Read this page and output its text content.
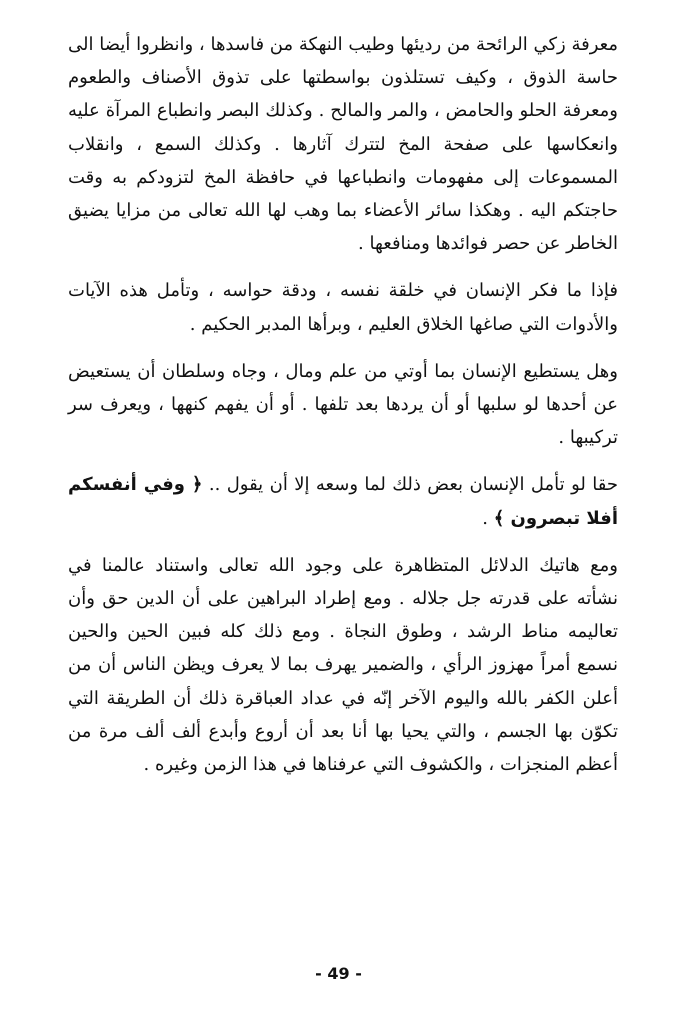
معرفة زكي الرائحة من رديئها وطيب النهكة من فاسدها ، وانظروا أيضا الى حاسة الذوق ، وكيف تستلذون بواسطتها على تذوق الأصناف والطعوم ومعرفة الحلو والحامض ، والمر والمالح . وكذلك البصر وانطباع المرآة عليه وانعكاسها على صفحة المخ لتترك آثارها . وكذلك السمع ، وانقلاب المسموعات إلى مفهومات وانطباعها في حافظة المخ لتزودكم به وقت حاجتكم اليه . وهكذا سائر الأعضاء بما وهب لها الله تعالى من مزايا يضيق الخاطر عن حصر فوائدها ومنافعها .

فإذا ما فكر الإنسان في خلقة نفسه ، ودقة حواسه ، وتأمل هذه الآيات والأدوات التي صاغها الخلاق العليم ، وبرأها المدبر الحكيم .

وهل يستطيع الإنسان بما أوتي من علم ومال ، وجاه وسلطان أن يستعيض عن أحدها لو سلبها أو أن يردها بعد تلفها . أو أن يفهم كنهها ، ويعرف سر تركيبها .

حقا لو تأمل الإنسان بعض ذلك لما وسعه إلا أن يقول .. ﴿ وفي أنفسكم أفلا تبصرون ﴾ .

ومع هاتيك الدلائل المتظاهرة على وجود الله تعالى واستناد عالمنا في نشأته على قدرته جل جلاله . ومع إطراد البراهين على أن الدين حق وأن تعاليمه مناط الرشد ، وطوق النجاة . ومع ذلك كله فبين الحين والحين نسمع أمراً مهزوز الرأي ، والضمير يهرف بما لا يعرف ويظن الناس أن من أعلن الكفر بالله واليوم الآخر إنّه في عداد العباقرة ذلك أن الطريقة التي تكوّن بها الجسم ، والتي يحيا بها أنا بعد أن أروع وأبدع ألف ألف مرة من أعظم المنجزات ، والكشوف التي عرفناها في هذا الزمن وغيره .

- 49 -
